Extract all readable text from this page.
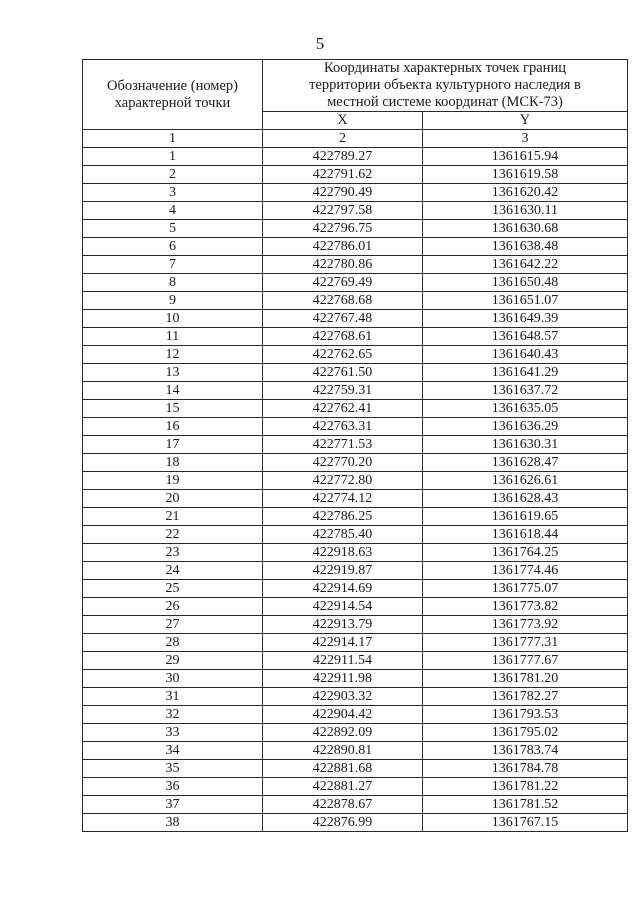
5
Обозначение (номер)
характерной точки	Координаты характерных точек границ
территории объекта культурного наследия в
местной системе координат (МСК-73)	

	X	Y
1	2	3
1	422789.27	1361615.94
2	422791.62	1361619.58
3	422790.49	1361620.42
4	422797.58	1361630.11
5	422796.75	1361630.68
6	422786.01	1361638.48
7	422780.86	1361642.22
8	422769.49	1361650.48
9	422768.68	1361651.07
10	422767.48	1361649.39
11	422768.61	1361648.57
12	422762.65	1361640.43
13	422761.50	1361641.29
14	422759.31	1361637.72
15	422762.41	1361635.05
16	422763.31	1361636.29
17	422771.53	1361630.31
18	422770.20	1361628.47
19	422772.80	1361626.61
20	422774.12	1361628.43
21	422786.25	1361619.65
22	422785.40	1361618.44
23	422918.63	1361764.25
24	422919.87	1361774.46
25	422914.69	1361775.07
26	422914.54	1361773.82
27	422913.79	1361773.92
28	422914.17	1361777.31
29	422911.54	1361777.67
30	422911.98	1361781.20
31	422903.32	1361782.27
32	422904.42	1361793.53
33	422892.09	1361795.02
34	422890.81	1361783.74
35	422881.68	1361784.78
36	422881.27	1361781.22
37	422878.67	1361781.52
38	422876.99	1361767.15
